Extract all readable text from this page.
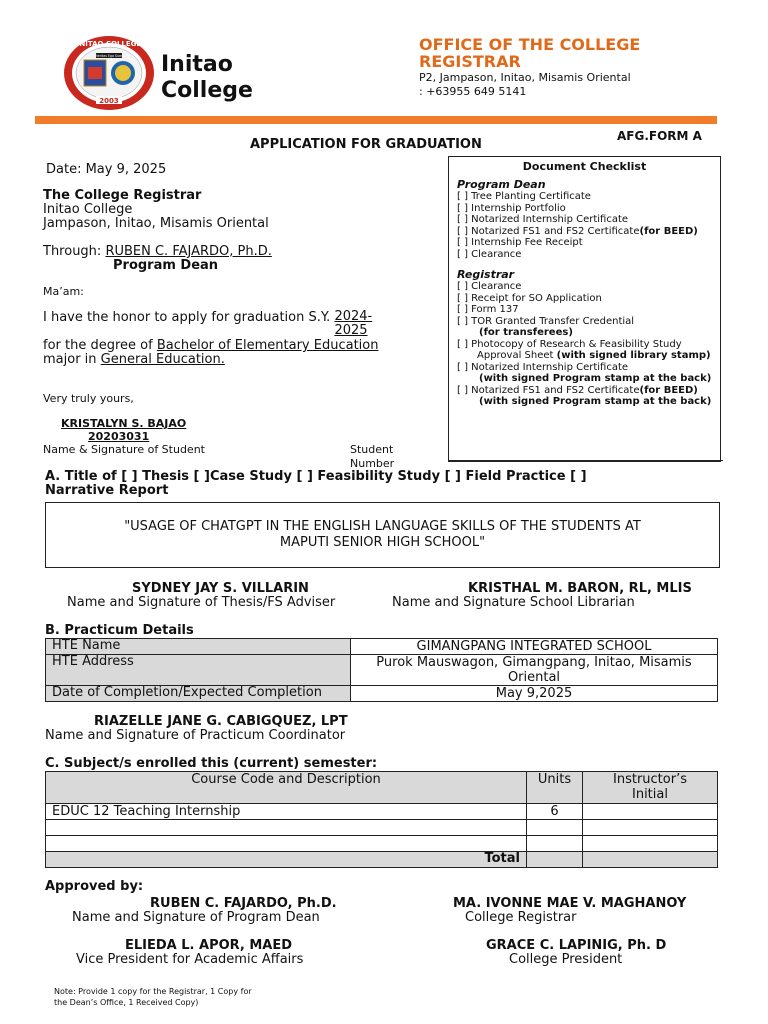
INITAO COLLEGE
Veritas Ego Sum
2003
Initao College
OFFICE OF THE COLLEGE REGISTRAR
P2, Jampason, Initao, Misamis Oriental
: +63955 649 5141
APPLICATION FOR GRADUATION
AFG.FORM A
Date: May 9, 2025
The College Registrar
Initao College
Jampason, Initao, Misamis Oriental
Through: RUBEN C. FAJARDO, Ph.D.
Program Dean
Ma’am:
I have the honor to apply for graduation S.Y. 2024-2025
for the degree of Bachelor of Elementary Education
major in General Education.
Very truly yours,
KRISTALYN S. BAJAO
20203031
Name & Signature of Student	Student Number
Document Checklist
Program Dean
[ ] Tree Planting Certificate
[ ] Internship Portfolio
[ ] Notarized Internship Certificate
[ ] Notarized FS1 and FS2 Certificate(for BEED)
[ ] Internship Fee Receipt
[ ] Clearance
Registrar
[ ] Clearance
[ ] Receipt for SO Application
[ ] Form 137
[ ] TOR Granted Transfer Credential
(for transferees)
[ ] Photocopy of Research & Feasibility Study
Approval Sheet (with signed library stamp)
[ ] Notarized Internship Certificate
(with signed Program stamp at the back)
[ ] Notarized FS1 and FS2 Certificate(for BEED)
(with signed Program stamp at the back)
A. Title of [ ] Thesis [ ]Case Study [ ] Feasibility Study [ ] Field Practice [ ]
Narrative Report
"USAGE OF CHATGPT IN THE ENGLISH LANGUAGE SKILLS OF THE STUDENTS AT MAPUTI SENIOR HIGH SCHOOL"
SYDNEY JAY S. VILLARIN
Name and Signature of Thesis/FS Adviser
KRISTHAL M. BARON, RL, MLIS
Name and Signature School Librarian
B. Practicum Details
HTE Name	GIMANGPANG INTEGRATED SCHOOL
HTE Address	Purok Mauswagon, Gimangpang, Initao, Misamis Oriental
Date of Completion/Expected Completion	May 9,2025
RIAZELLE JANE G. CABIGQUEZ, LPT
Name and Signature of Practicum Coordinator
C. Subject/s enrolled this (current) semester:
Course Code and Description	Units	Instructor’s Initial
EDUC 12 Teaching Internship	6	

Total		
Approved by:
RUBEN C. FAJARDO, Ph.D.
Name and Signature of Program Dean
MA. IVONNE MAE V. MAGHANOY
College Registrar
ELIEDA L. APOR, MAED
Vice President for Academic Affairs
GRACE C. LAPINIG, Ph. D
College President
Note: Provide 1 copy for the Registrar, 1 Copy for the Dean’s Office, 1 Received Copy)
